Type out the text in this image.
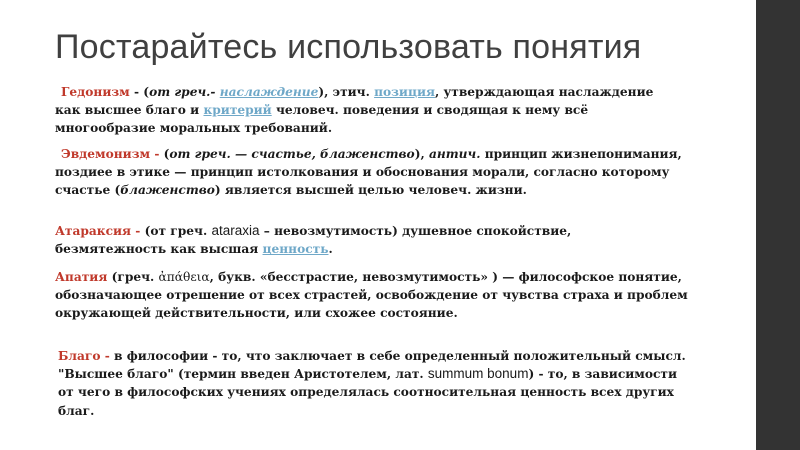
Постарайтесь использовать понятия
Гедонизм - (от греч.- наслаждение), этич. позиция, утверждающая наслаждение
как высшее благо и критерий человеч. поведения и сводящая к нему всё
многообразие моральных требований.
Эвдемонизм - (от греч. — счастье, блаженство), антич. принцип жизнепонимания,
поздиее в этике — принцип истолкования и обоснования морали, согласно которому
счастье (блаженство) является высшей целью человеч. жизни.
Атараксия - (от греч. ataraxia – невозмутимость) душевное спокойствие,
безмятежность как высшая ценность.
Апатия (греч. ἀπάθεια, букв. «бесстрастие, невозмутимость» ) — философское понятие,
обозначающее отрешение от всех страстей, освобождение от чувства страха и проблем
окружающей действительности, или схожее состояние.
Благо - в философии - то, что заключает в себе определенный положительный смысл.
"Высшее благо" (термин введен Аристотелем, лат. summum bonum) - то, в зависимости
от чего в философских учениях определялась соотносительная ценность всех других
благ.
